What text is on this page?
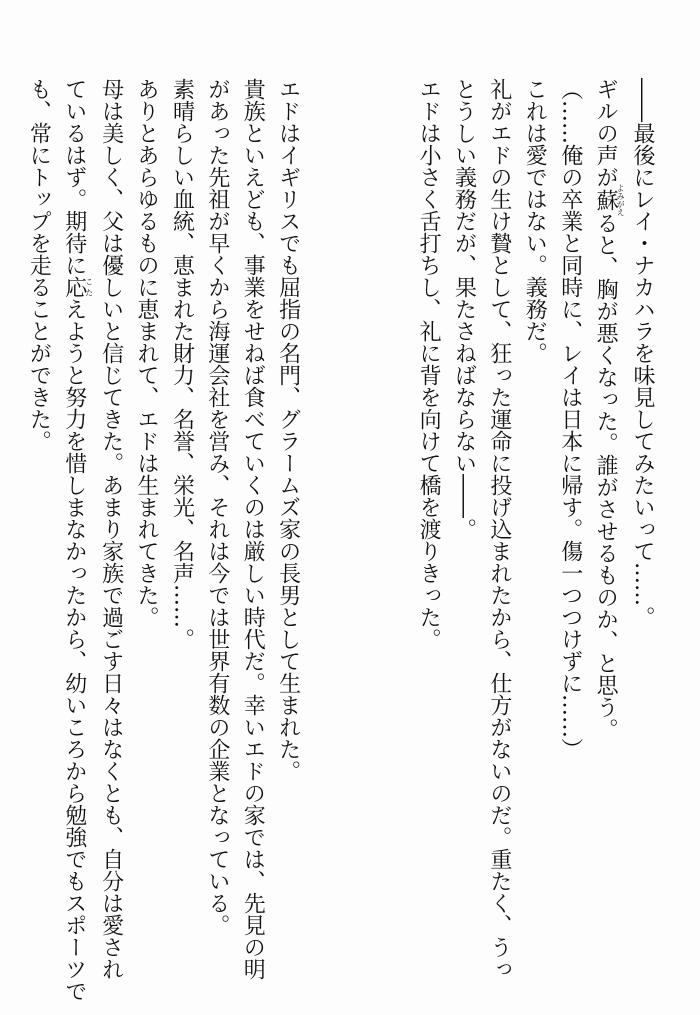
――最後にレイ・ナカハラを味見してみたいって……。
ギルの声が蘇よみがえると、胸が悪くなった。誰がさせるものか、と思う。
（……俺の卒業と同時に、レイは日本に帰す。傷一つつけずに……）
これは愛ではない。義務だ。
礼がエドの生け贄として、狂った運命に投げ込まれたから、仕方がないのだ。重たく、うっ
とうしい義務だが、果たさねばならない――。
エドは小さく舌打ちし、礼に背を向けて橋を渡りきった。
エドはイギリスでも屈指の名門、グラームズ家の長男として生まれた。
貴族といえども、事業をせねば食べていくのは厳しい時代だ。幸いエドの家では、先見の明
があった先祖が早くから海運会社を営み、それは今では世界有数の企業となっている。
素晴らしい血統、恵まれた財力、名誉、栄光、名声……。
ありとあらゆるものに恵まれて、エドは生まれてきた。
母は美しく、父は優しいと信じてきた。あまり家族で過ごす日々はなくとも、自分は愛され
ているはず。期待に応こたえようと努力を惜しまなかったから、幼いころから勉強でもスポーツで
も、常にトップを走ることができた。
